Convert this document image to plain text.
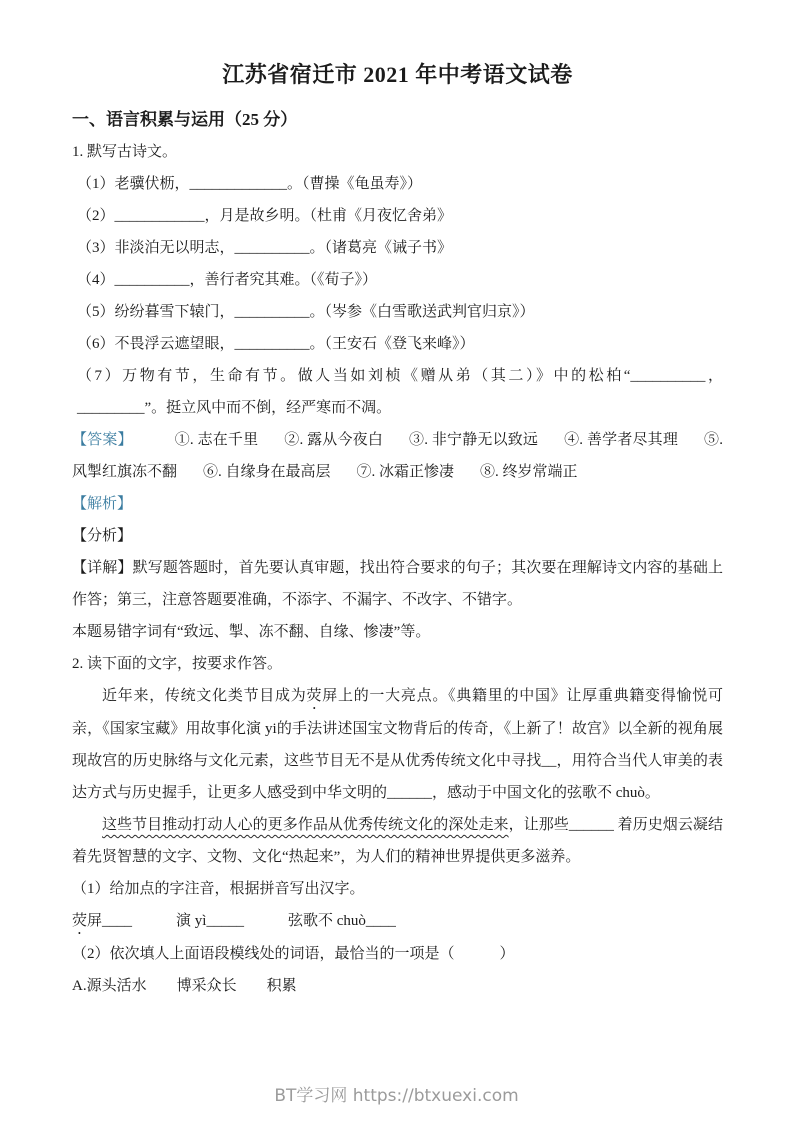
江苏省宿迁市 2021 年中考语文试卷
一、语言积累与运用（25 分）

1. 默写古诗文。

（1）老骥伏枥，_____________。（曹操《龟虽寿》）

（2）____________，月是故乡明。（杜甫《月夜忆舍弟》

（3）非淡泊无以明志，__________。（诸葛亮《诫子书》

（4）__________，善行者究其难。（《荀子》）

（5）纷纷暮雪下辕门，__________。（岑参《白雪歌送武判官归京》）

（6）不畏浮云遮望眼，__________。（王安石《登飞来峰》）

（7）万物有节，生命有节。做人当如刘桢《赠从弟（其二）》中的松柏“__________，_________”。挺立风中而不倒，经严寒而不凋。

【答案】	①. 志在千里 ②. 露从今夜白 ③. 非宁静无以致远 ④. 善学者尽其理 ⑤. 风掣红旗冻不翻 ⑥. 自缘身在最高层 ⑦. 冰霜正惨凄 ⑧. 终岁常端正

【解析】

【分析】

【详解】默写题答题时，首先要认真审题，找出符合要求的句子；其次要在理解诗文内容的基础上作答；第三，注意答题要准确，不添字、不漏字、不改字、不错字。

本题易错字词有“致远、掣、冻不翻、自缘、惨凄”等。

2. 读下面的文字，按要求作答。

近年来，传统文化类节目成为荧屏上的一大亮点。《典籍里的中国》让厚重典籍变得愉悦可亲，《国家宝藏》用故事化演 yi的手法讲述国宝文物背后的传奇，《上新了！故宫》以全新的视角展现故宫的历史脉络与文化元素，这些节目无不是从优秀传统文化中寻找__，用符合当代人审美的表达方式与历史握手，让更多人感受到中华文明的______，感动于中国文化的弦歌不 chuò。

这些节目推动打动人心的更多作品从优秀传统文化的深处走来，让那些______ 着历史烟云凝结着先贤智慧的文字、文物、文化“热起来”，为人们的精神世界提供更多滋养。

（1）给加点的字注音，根据拼音写出汉字。

荧屏____	演 yì_____	弦歌不 chuò____

（2）依次填人上面语段模线处的词语，最恰当的一项是（　　　）

A.源头活水　　博采众长　　积累

BT学习网 https://btxuexi.com
